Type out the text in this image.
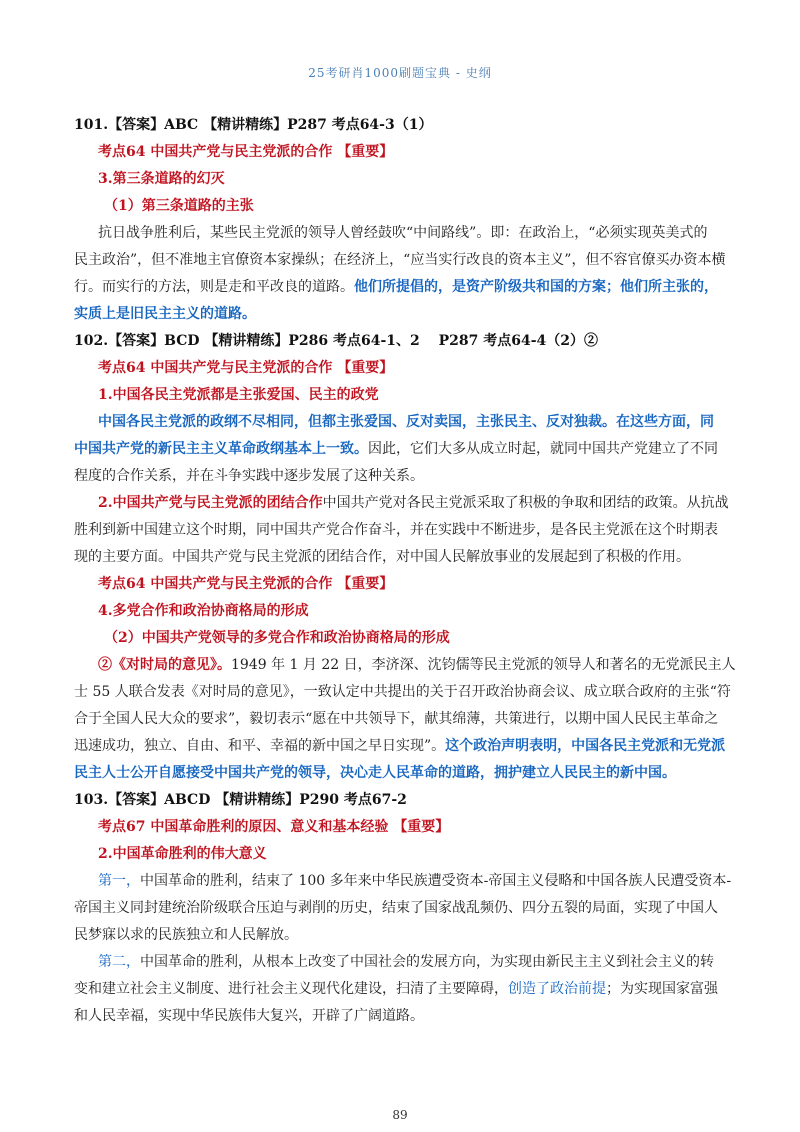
25考研肖1000刷题宝典 - 史纲

101.【答案】ABC 【精讲精练】P287 考点64-3（1）

考点64 中国共产党与民主党派的合作 【重要】

3.第三条道路的幻灭

（1）第三条道路的主张

抗日战争胜利后，某些民主党派的领导人曾经鼓吹“中间路线”。即：在政治上，“必须实现英美式的

民主政治”，但不准地主官僚资本家操纵；在经济上，“应当实行改良的资本主义”，但不容官僚买办资本横

行。而实行的方法，则是走和平改良的道路。他们所提倡的，是资产阶级共和国的方案；他们所主张的，

实质上是旧民主主义的道路。

102.【答案】BCD 【精讲精练】P286 考点64-1、2　 P287 考点64-4（2）②

考点64 中国共产党与民主党派的合作 【重要】

1.中国各民主党派都是主张爱国、民主的政党

中国各民主党派的政纲不尽相同，但都主张爱国、反对卖国，主张民主、反对独裁。在这些方面，同

中国共产党的新民主主义革命政纲基本上一致。因此，它们大多从成立时起，就同中国共产党建立了不同

程度的合作关系，并在斗争实践中逐步发展了这种关系。

2.中国共产党与民主党派的团结合作中国共产党对各民主党派采取了积极的争取和团结的政策。从抗战

胜利到新中国建立这个时期，同中国共产党合作奋斗，并在实践中不断进步，是各民主党派在这个时期表

现的主要方面。中国共产党与民主党派的团结合作，对中国人民解放事业的发展起到了积极的作用。

考点64 中国共产党与民主党派的合作 【重要】

4.多党合作和政治协商格局的形成

（2）中国共产党领导的多党合作和政治协商格局的形成

②《对时局的意见》。1949 年 1 月 22 日，李济深、沈钧儒等民主党派的领导人和著名的无党派民主人

士 55 人联合发表《对时局的意见》，一致认定中共提出的关于召开政治协商会议、成立联合政府的主张“符

合于全国人民大众的要求”，毅切表示“愿在中共领导下，献其绵薄，共策进行，以期中国人民民主革命之

迅速成功，独立、自由、和平、幸福的新中国之早日实现”。这个政治声明表明，中国各民主党派和无党派

民主人士公开自愿接受中国共产党的领导，决心走人民革命的道路，拥护建立人民民主的新中国。

103.【答案】ABCD 【精讲精练】P290 考点67-2

考点67 中国革命胜利的原因、意义和基本经验 【重要】

2.中国革命胜利的伟大意义

第一，中国革命的胜利，结束了 100 多年来中华民族遭受资本-帝国主义侵略和中国各族人民遭受资本-

帝国主义同封建统治阶级联合压迫与剥削的历史，结束了国家战乱频仍、四分五裂的局面，实现了中国人

民梦寐以求的民族独立和人民解放。

第二，中国革命的胜利，从根本上改变了中国社会的发展方向，为实现由新民主主义到社会主义的转

变和建立社会主义制度、进行社会主义现代化建设，扫清了主要障碍，创造了政治前提；为实现国家富强

和人民幸福，实现中华民族伟大复兴，开辟了广阔道路。

89
